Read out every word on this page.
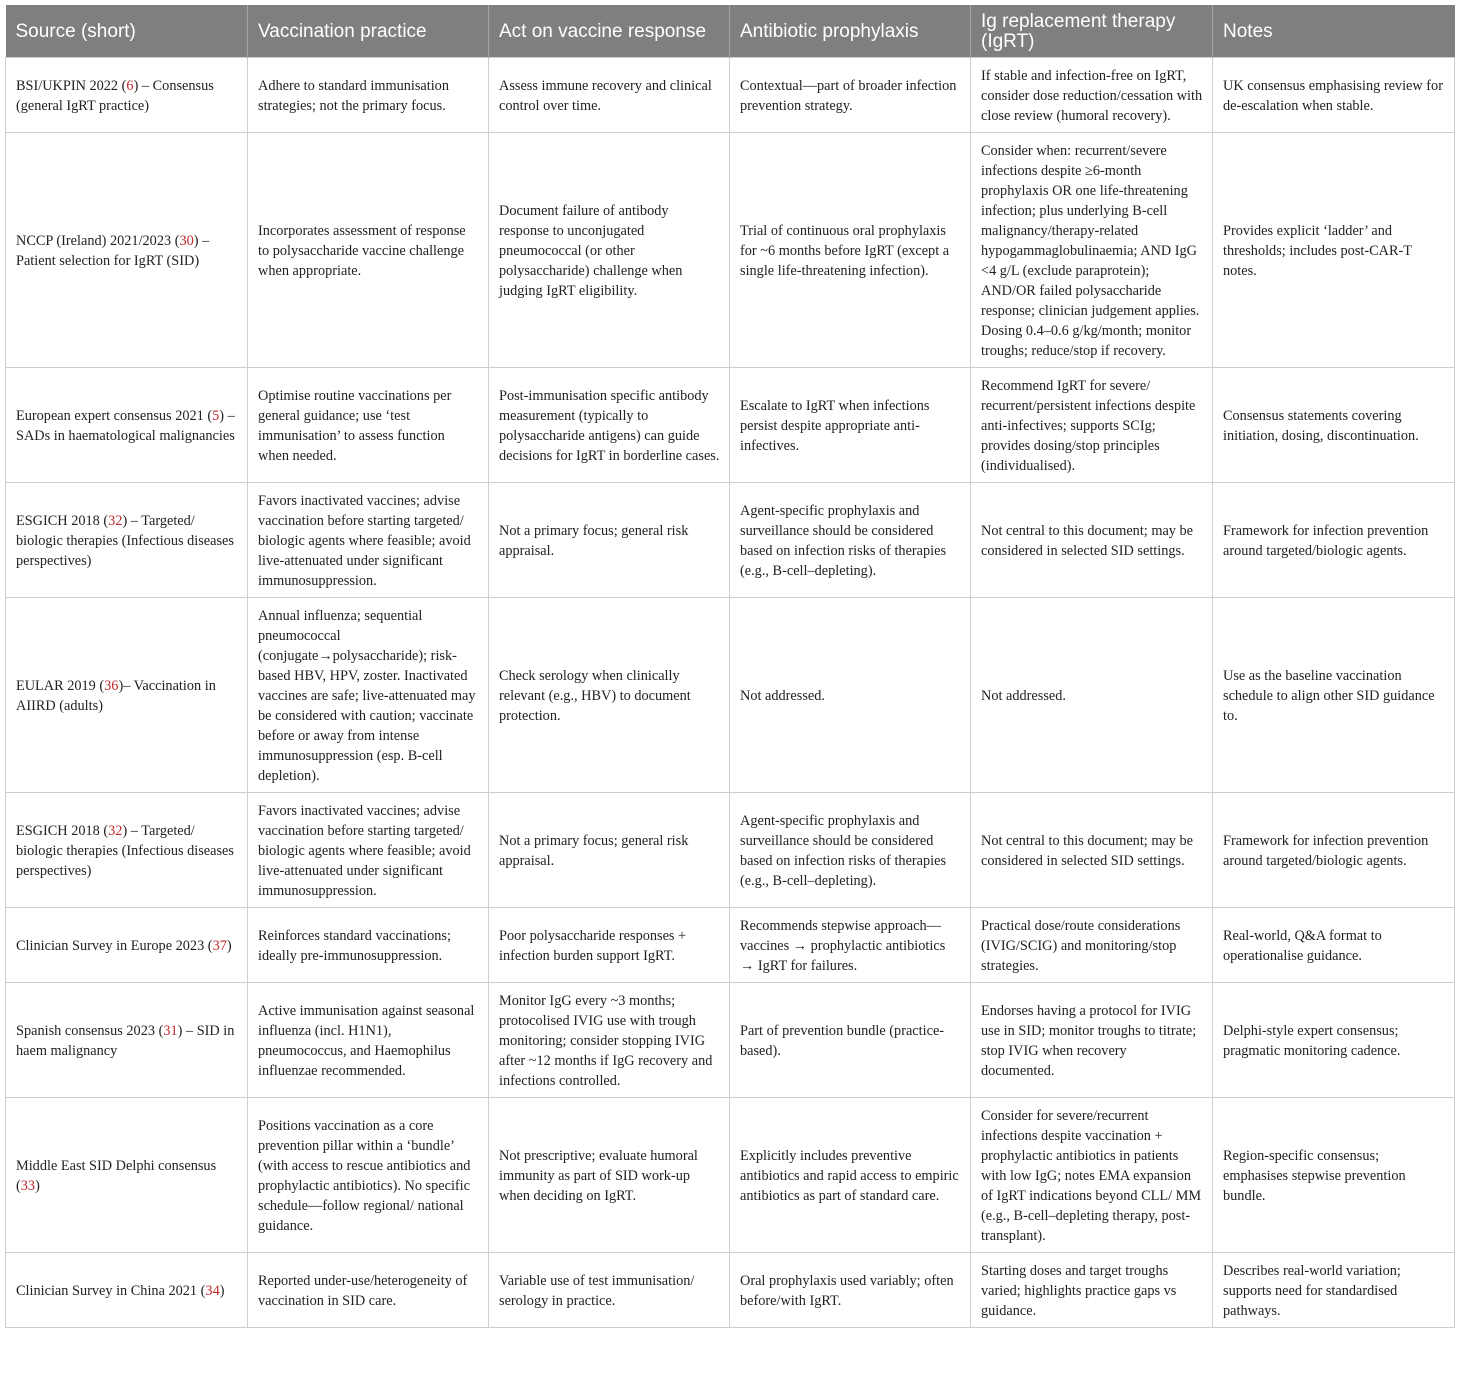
Source (short)	Vaccination practice	Act on vaccine response	Antibiotic prophylaxis	Ig replacement therapy (IgRT)	Notes
BSI/UKPIN 2022 (6) – Consensus (general IgRT practice)	Adhere to standard immunisation strategies; not the primary focus.	Assess immune recovery and clinical control over time.	Contextual—part of broader infection prevention strategy.	If stable and infection-free on IgRT, consider dose reduction/cessation with close review (humoral recovery).	UK consensus emphasising review for de-escalation when stable.
NCCP (Ireland) 2021/2023 (30) – Patient selection for IgRT (SID)	Incorporates assessment of response to polysaccharide vaccine challenge when appropriate.	Document failure of antibody response to unconjugated pneumococcal (or other polysaccharide) challenge when judging IgRT eligibility.	Trial of continuous oral prophylaxis for ~6 months before IgRT (except a single life-threatening infection).	Consider when: recurrent/severe infections despite ≥6-month prophylaxis OR one life-threatening infection; plus underlying B-cell malignancy/therapy-related hypogammaglobulinaemia; AND IgG <4 g/L (exclude paraprotein); AND/OR failed polysaccharide response; clinician judgement applies. Dosing 0.4–0.6 g/kg/month; monitor troughs; reduce/stop if recovery.	Provides explicit ‘ladder’ and thresholds; includes post-CAR-T notes.
European expert consensus 2021 (5) – SADs in haematological malignancies	Optimise routine vaccinations per general guidance; use ‘test immunisation’ to assess function when needed.	Post-immunisation specific antibody measurement (typically to polysaccharide antigens) can guide decisions for IgRT in borderline cases.	Escalate to IgRT when infections persist despite appropriate anti-infectives.	Recommend IgRT for severe/ recurrent/persistent infections despite anti-infectives; supports SCIg; provides dosing/stop principles (individualised).	Consensus statements covering initiation, dosing, discontinuation.
ESGICH 2018 (32) – Targeted/ biologic therapies (Infectious diseases perspectives)	Favors inactivated vaccines; advise vaccination before starting targeted/ biologic agents where feasible; avoid live-attenuated under significant immunosuppression.	Not a primary focus; general risk appraisal.	Agent-specific prophylaxis and surveillance should be considered based on infection risks of therapies (e.g., B-cell–depleting).	Not central to this document; may be considered in selected SID settings.	Framework for infection prevention around targeted/biologic agents.
EULAR 2019 (36)– Vaccination in AIIRD (adults)	Annual influenza; sequential pneumococcal (conjugate→polysaccharide); risk-based HBV, HPV, zoster. Inactivated vaccines are safe; live-attenuated may be considered with caution; vaccinate before or away from intense immunosuppression (esp. B-cell depletion).	Check serology when clinically relevant (e.g., HBV) to document protection.	Not addressed.	Not addressed.	Use as the baseline vaccination schedule to align other SID guidance to.
ESGICH 2018 (32) – Targeted/ biologic therapies (Infectious diseases perspectives)	Favors inactivated vaccines; advise vaccination before starting targeted/ biologic agents where feasible; avoid live-attenuated under significant immunosuppression.	Not a primary focus; general risk appraisal.	Agent-specific prophylaxis and surveillance should be considered based on infection risks of therapies (e.g., B-cell–depleting).	Not central to this document; may be considered in selected SID settings.	Framework for infection prevention around targeted/biologic agents.
Clinician Survey in Europe 2023 (37)	Reinforces standard vaccinations; ideally pre-immunosuppression.	Poor polysaccharide responses + infection burden support IgRT.	Recommends stepwise approach— vaccines → prophylactic antibiotics → IgRT for failures.	Practical dose/route considerations (IVIG/SCIG) and monitoring/stop strategies.	Real-world, Q&A format to operationalise guidance.
Spanish consensus 2023 (31) – SID in haem malignancy	Active immunisation against seasonal influenza (incl. H1N1), pneumococcus, and Haemophilus influenzae recommended.	Monitor IgG every ~3 months; protocolised IVIG use with trough monitoring; consider stopping IVIG after ~12 months if IgG recovery and infections controlled.	Part of prevention bundle (practice-based).	Endorses having a protocol for IVIG use in SID; monitor troughs to titrate; stop IVIG when recovery documented.	Delphi-style expert consensus; pragmatic monitoring cadence.
Middle East SID Delphi consensus (33)	Positions vaccination as a core prevention pillar within a ‘bundle’ (with access to rescue antibiotics and prophylactic antibiotics). No specific schedule—follow regional/ national guidance.	Not prescriptive; evaluate humoral immunity as part of SID work-up when deciding on IgRT.	Explicitly includes preventive antibiotics and rapid access to empiric antibiotics as part of standard care.	Consider for severe/recurrent infections despite vaccination + prophylactic antibiotics in patients with low IgG; notes EMA expansion of IgRT indications beyond CLL/ MM (e.g., B-cell–depleting therapy, post-transplant).	Region-specific consensus; emphasises stepwise prevention bundle.
Clinician Survey in China 2021 (34)	Reported under-use/heterogeneity of vaccination in SID care.	Variable use of test immunisation/ serology in practice.	Oral prophylaxis used variably; often before/with IgRT.	Starting doses and target troughs varied; highlights practice gaps vs guidance.	Describes real-world variation; supports need for standardised pathways.
